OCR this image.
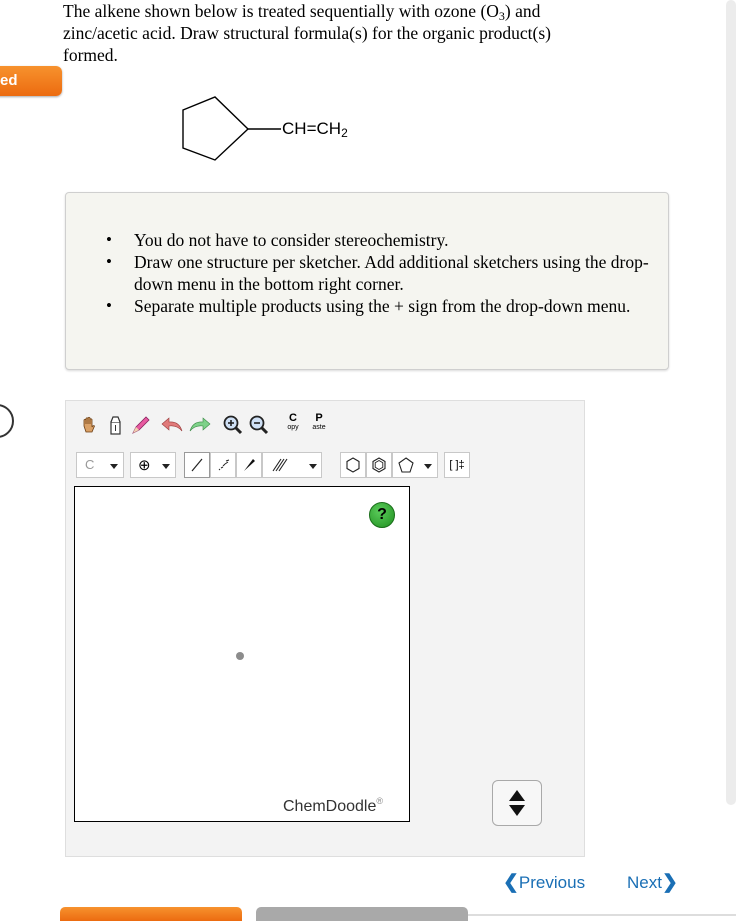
The alkene shown below is treated sequentially with ozone $(O_3)$ and
zinc/acetic acid. Draw structural formula(s) for the organic product(s)
formed.
ed
$CH=CH_2$
• You do not have to consider stereochemistry.
• Draw one structure per sketcher. Add additional sketchers using the drop-down menu in the bottom right corner.
• Separate multiple products using the + sign from the drop-down menu.
C
opy
P
aste
C	⊕	[ ]‡
?
ChemDoodle®
❮Previous Next❯
